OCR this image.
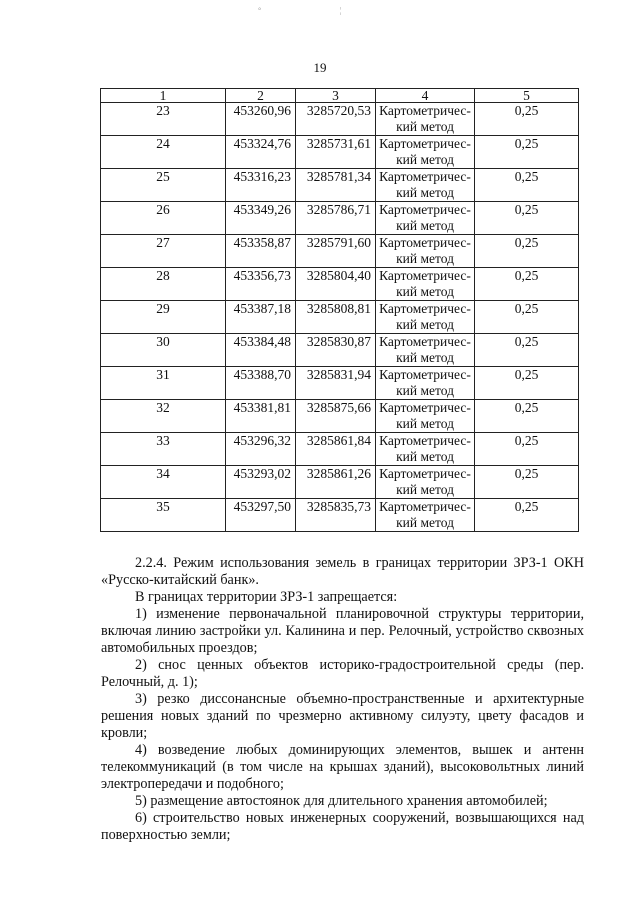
°	¦
19
1	2	3	4	5
23	453260,96	3285720,53	Картометричес-кий метод	0,25
24	453324,76	3285731,61	Картометричес-кий метод	0,25
25	453316,23	3285781,34	Картометричес-кий метод	0,25
26	453349,26	3285786,71	Картометричес-кий метод	0,25
27	453358,87	3285791,60	Картометричес-кий метод	0,25
28	453356,73	3285804,40	Картометричес-кий метод	0,25
29	453387,18	3285808,81	Картометричес-кий метод	0,25
30	453384,48	3285830,87	Картометричес-кий метод	0,25
31	453388,70	3285831,94	Картометричес-кий метод	0,25
32	453381,81	3285875,66	Картометричес-кий метод	0,25
33	453296,32	3285861,84	Картометричес-кий метод	0,25
34	453293,02	3285861,26	Картометричес-кий метод	0,25
35	453297,50	3285835,73	Картометричес-кий метод	0,25

2.2.4. Режим использования земель в границах территории ЗРЗ-1 ОКН «Русско-китайский банк».

В границах территории ЗРЗ-1 запрещается:

1) изменение первоначальной планировочной структуры территории, включая линию застройки ул. Калинина и пер. Релочный, устройство сквозных автомобильных проездов;

2) снос ценных объектов историко-градостроительной среды (пер. Релочный, д. 1);

3) резко диссонансные объемно-пространственные и архитектурные решения новых зданий по чрезмерно активному силуэту, цвету фасадов и кровли;

4) возведение любых доминирующих элементов, вышек и антенн телекоммуникаций (в том числе на крышах зданий), высоковольтных линий электропередачи и подобного;

5) размещение автостоянок для длительного хранения автомобилей;

6) строительство новых инженерных сооружений, возвышающихся над поверхностью земли;
